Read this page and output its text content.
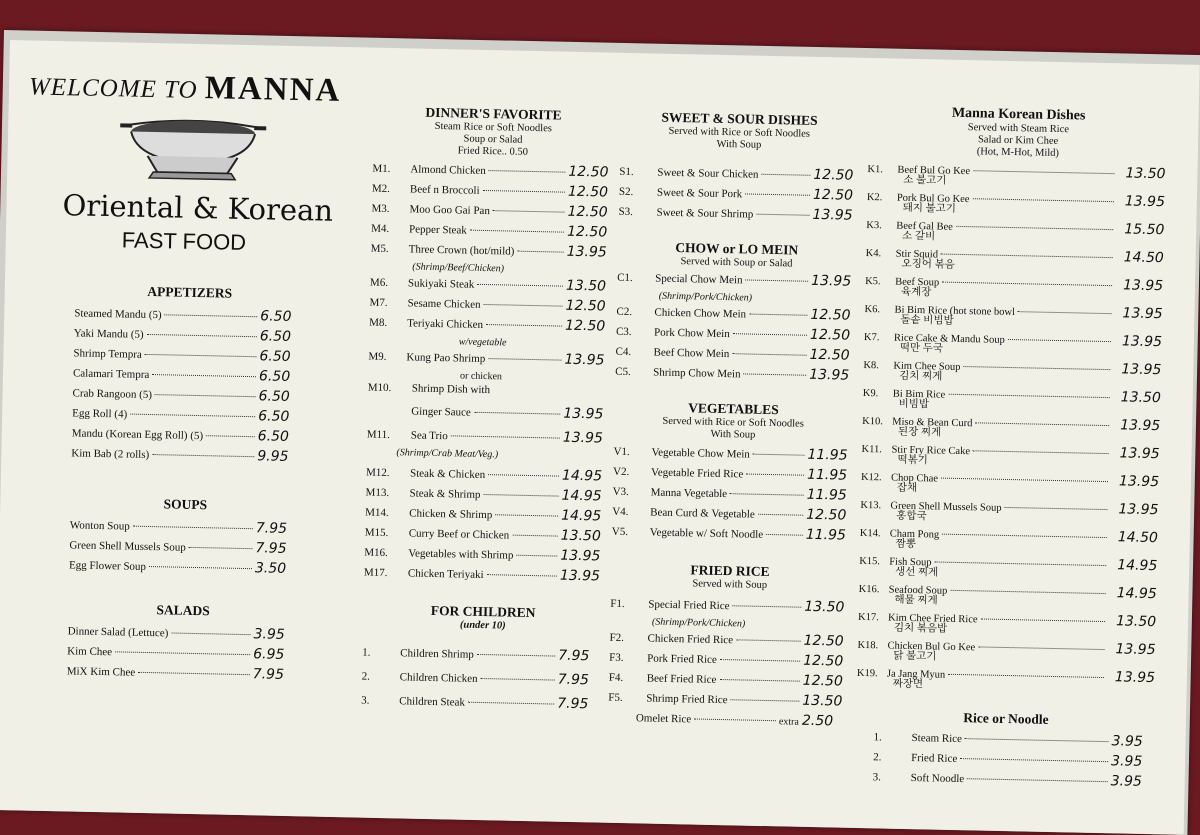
WELCOME TO MANNA
Oriental & Korean
FAST FOOD
APPETIZERS
Steamed Mandu (5)	6.50
Yaki Mandu (5)	6.50
Shrimp Tempra	6.50
Calamari Tempra	6.50
Crab Rangoon (5)	6.50
Egg Roll (4)	6.50
Mandu (Korean Egg Roll) (5)	6.50
Kim Bab (2 rolls)	9.95
SOUPS
Wonton Soup	7.95
Green Shell Mussels Soup	7.95
Egg Flower Soup	3.50
SALADS
Dinner Salad (Lettuce)	3.95
Kim Chee	6.95
MiX Kim Chee	7.95
DINNER'S FAVORITE
Steam Rice or Soft Noodles
Soup or Salad
Fried Rice.. 0.50
M1.	Almond Chicken	12.50
M2.	Beef n Broccoli	12.50
M3.	Moo Goo Gai Pan	12.50
M4.	Pepper Steak	12.50
M5.	Three Crown (hot/mild)	13.95
(Shrimp/Beef/Chicken)
M6.	Sukiyaki Steak	13.50
M7.	Sesame Chicken	12.50
M8.	Teriyaki Chicken	12.50
w/vegetable
M9.	Kung Pao Shrimp	13.95
or chicken
M10.	Shrimp Dish with
Ginger Sauce	13.95
M11.	Sea Trio	13.95
(Shrimp/Crab Meat/Veg.)
M12.	Steak & Chicken	14.95
M13.	Steak & Shrimp	14.95
M14.	Chicken & Shrimp	14.95
M15.	Curry Beef or Chicken	13.50
M16.	Vegetables with Shrimp	13.95
M17.	Chicken Teriyaki	13.95
FOR CHILDREN
(under 10)
1.	Children Shrimp	7.95
2.	Children Chicken	7.95
3.	Children Steak	7.95
SWEET & SOUR DISHES
Served with Rice or Soft Noodles
With Soup
S1.	Sweet & Sour Chicken	12.50
S2.	Sweet & Sour Pork	12.50
S3.	Sweet & Sour Shrimp	13.95
CHOW or LO MEIN
Served with Soup or Salad
C1.	Special Chow Mein	13.95
(Shrimp/Pork/Chicken)
C2.	Chicken Chow Mein	12.50
C3.	Pork Chow Mein	12.50
C4.	Beef Chow Mein	12.50
C5.	Shrimp Chow Mein	13.95
VEGETABLES
Served with Rice or Soft Noodles
With Soup
V1.	Vegetable Chow Mein	11.95
V2.	Vegetable Fried Rice	11.95
V3.	Manna Vegetable	11.95
V4.	Bean Curd & Vegetable	12.50
V5.	Vegetable w/ Soft Noodle	11.95
FRIED RICE
Served with Soup
F1.	Special Fried Rice	13.50
(Shrimp/Pork/Chicken)
F2.	Chicken Fried Rice	12.50
F3.	Pork Fried Rice	12.50
F4.	Beef Fried Rice	12.50
F5.	Shrimp Fried Rice	13.50
Omelet Rice	extra 2.50
Manna Korean Dishes
Served with Steam Rice
Salad or Kim Chee
(Hot, M-Hot, Mild)
K1.	Beef Bul Go Kee	13.50
소 불고기
K2.	Pork Bul Go Kee	13.95
돼지 불고기
K3.	Beef Gal Bee	15.50
소 갈비
K4.	Stir Squid	14.50
오징어 볶음
K5.	Beef Soup	13.95
육계장
K6.	Bi Bim Rice (hot stone bowl	13.95
돌솥 비빔밥
K7.	Rice Cake & Mandu Soup	13.95
떡만 두국
K8.	Kim Chee Soup	13.95
김치 찌게
K9.	Bi Bim Rice	13.50
비빔밥
K10. Miso & Bean Curd	13.95
된장 찌게
K11. Stir Fry Rice Cake	13.95
떡볶기
K12. Chop Chae	13.95
잡채
K13. Green Shell Mussels Soup	13.95
홍합국
K14. Cham Pong	14.50
짬뽕
K15. Fish Soup	14.95
생선 찌게
K16. Seafood Soup	14.95
해물 찌게
K17. Kim Chee Fried Rice	13.50
김치 볶음밥
K18. Chicken Bul Go Kee	13.95
닭 불고기
K19. Ja Jang Myun	13.95
짜장면
Rice or Noodle
1.	Steam Rice	3.95
2.	Fried Rice	3.95
3.	Soft Noodle	3.95
